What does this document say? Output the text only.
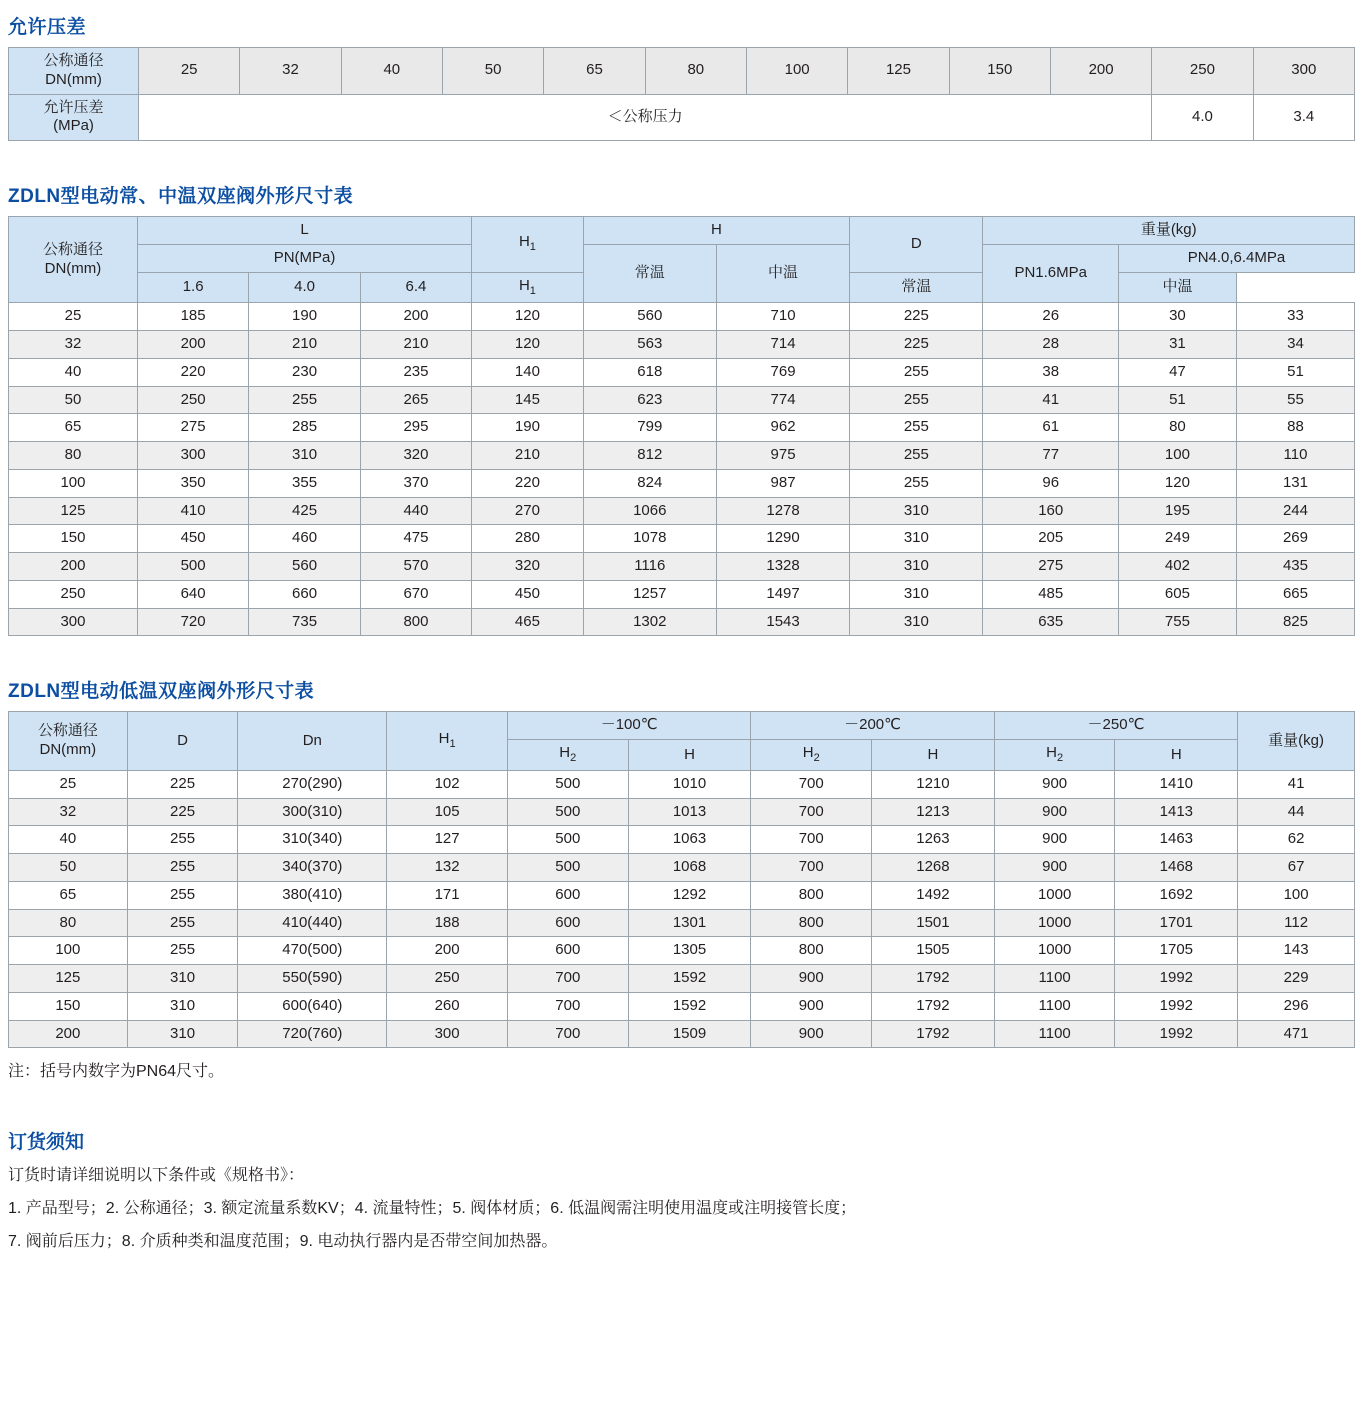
允许压差
公称通径
DN(mm)	25	32	40	50	65	80	100	125	150	200	250	300

允许压差
(MPa)	＜公称压力										4.0	3.4
ZDLN型电动常、中温双座阀外形尺寸表
公称通径
DN(mm)	L			$H_1$	H		D	重量(kg)		
	PN(MPa)				常温	中温		PN1.6MPa	PN4.0,6.4MPa	
	1.6	4.0	6.4	$H_1$			常温		中温	
25	185	190	200	120	560	710	225	26	30	33
32	200	210	210	120	563	714	225	28	31	34
40	220	230	235	140	618	769	255	38	47	51
50	250	255	265	145	623	774	255	41	51	55
65	275	285	295	190	799	962	255	61	80	88
80	300	310	320	210	812	975	255	77	100	110
100	350	355	370	220	824	987	255	96	120	131
125	410	425	440	270	1066	1278	310	160	195	244
150	450	460	475	280	1078	1290	310	205	249	269
200	500	560	570	320	1116	1328	310	275	402	435
250	640	660	670	450	1257	1497	310	485	605	665
300	720	735	800	465	1302	1543	310	635	755	825
ZDLN型电动低温双座阀外形尺寸表
公称通径
DN(mm)	D	Dn	$H_1$	－100℃		－200℃		－250℃		重量(kg)
				$H_2$	H	$H_2$	H	$H_2$	H	
25	225	270(290)	102	500	1010	700	1210	900	1410	41
32	225	300(310)	105	500	1013	700	1213	900	1413	44
40	255	310(340)	127	500	1063	700	1263	900	1463	62
50	255	340(370)	132	500	1068	700	1268	900	1468	67
65	255	380(410)	171	600	1292	800	1492	1000	1692	100
80	255	410(440)	188	600	1301	800	1501	1000	1701	112
100	255	470(500)	200	600	1305	800	1505	1000	1705	143
125	310	550(590)	250	700	1592	900	1792	1100	1992	229
150	310	600(640)	260	700	1592	900	1792	1100	1992	296
200	310	720(760)	300	700	1509	900	1792	1100	1992	471
注：括号内数字为PN64尺寸。
订货须知
订货时请详细说明以下条件或《规格书》：
1. 产品型号；2. 公称通径；3. 额定流量系数KV；4. 流量特性；5. 阀体材质；6. 低温阀需注明使用温度或注明接管长度；
7. 阀前后压力；8. 介质种类和温度范围；9. 电动执行器内是否带空间加热器。
